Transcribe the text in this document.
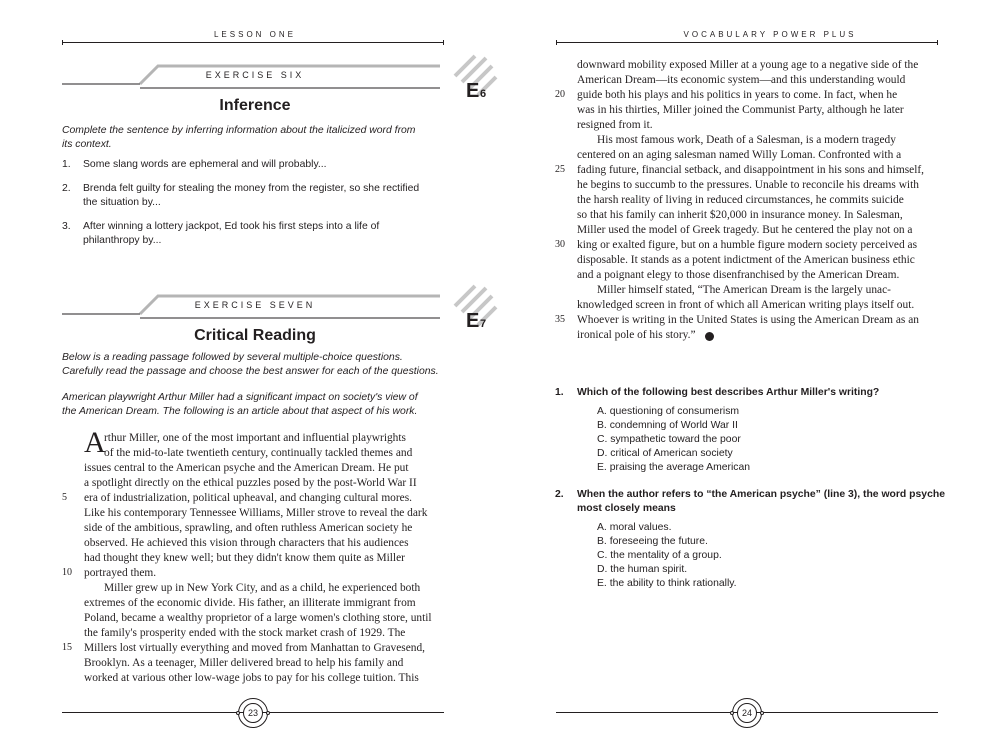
LESSON ONE
EXERCISE SIX
E 6
Inference
Complete the sentence by inferring information about the italicized word from
its context.
1. Some slang words are ephemeral and will probably...
2. Brenda felt guilty for stealing the money from the register, so she rectified
the situation by...
3. After winning a lottery jackpot, Ed took his first steps into a life of
philanthropy by...
EXERCISE SEVEN
E 7
Critical Reading
Below is a reading passage followed by several multiple-choice questions.
Carefully read the passage and choose the best answer for each of the questions.
American playwright Arthur Miller had a significant impact on society's view of
the American Dream. The following is an article about that aspect of his work.
A
rthur Miller, one of the most important and influential playwrights
of the mid-to-late twentieth century, continually tackled themes and
issues central to the American psyche and the American Dream. He put
a spotlight directly on the ethical puzzles posed by the post-World War II
era of industrialization, political upheaval, and changing cultural mores.
Like his contemporary Tennessee Williams, Miller strove to reveal the dark
side of the ambitious, sprawling, and often ruthless American society he
observed. He achieved this vision through characters that his audiences
had thought they knew well; but they didn't know them quite as Miller
portrayed them.
Miller grew up in New York City, and as a child, he experienced both
extremes of the economic divide. His father, an illiterate immigrant from
Poland, became a wealthy proprietor of a large women's clothing store, until
the family's prosperity ended with the stock market crash of 1929. The
Millers lost virtually everything and moved from Manhattan to Gravesend,
Brooklyn. As a teenager, Miller delivered bread to help his family and
worked at various other low-wage jobs to pay for his college tuition. This
5
10
15
23
VOCABULARY POWER PLUS
downward mobility exposed Miller at a young age to a negative side of the
American Dream—its economic system—and this understanding would
guide both his plays and his politics in years to come. In fact, when he
was in his thirties, Miller joined the Communist Party, although he later
resigned from it.
His most famous work, Death of a Salesman, is a modern tragedy
centered on an aging salesman named Willy Loman. Confronted with a
fading future, financial setback, and disappointment in his sons and himself,
he begins to succumb to the pressures. Unable to reconcile his dreams with
the harsh reality of living in reduced circumstances, he commits suicide
so that his family can inherit $20,000 in insurance money. In Salesman,
Miller used the model of Greek tragedy. But he centered the play not on a
king or exalted figure, but on a humble figure modern society perceived as
disposable. It stands as a potent indictment of the American business ethic
and a poignant elegy to those disenfranchised by the American Dream.
Miller himself stated, “The American Dream is the largely unac-
knowledged screen in front of which all American writing plays itself out.
Whoever is writing in the United States is using the American Dream as an
ironical pole of his story.”
20
25
30
35
1. Which of the following best describes Arthur Miller's writing?
A. questioning of consumerism
B. condemning of World War II
C. sympathetic toward the poor
D. critical of American society
E. praising the average American
2. When the author refers to “the American psyche” (line 3), the word psyche
most closely means
A. moral values.
B. foreseeing the future.
C. the mentality of a group.
D. the human spirit.
E. the ability to think rationally.
24
